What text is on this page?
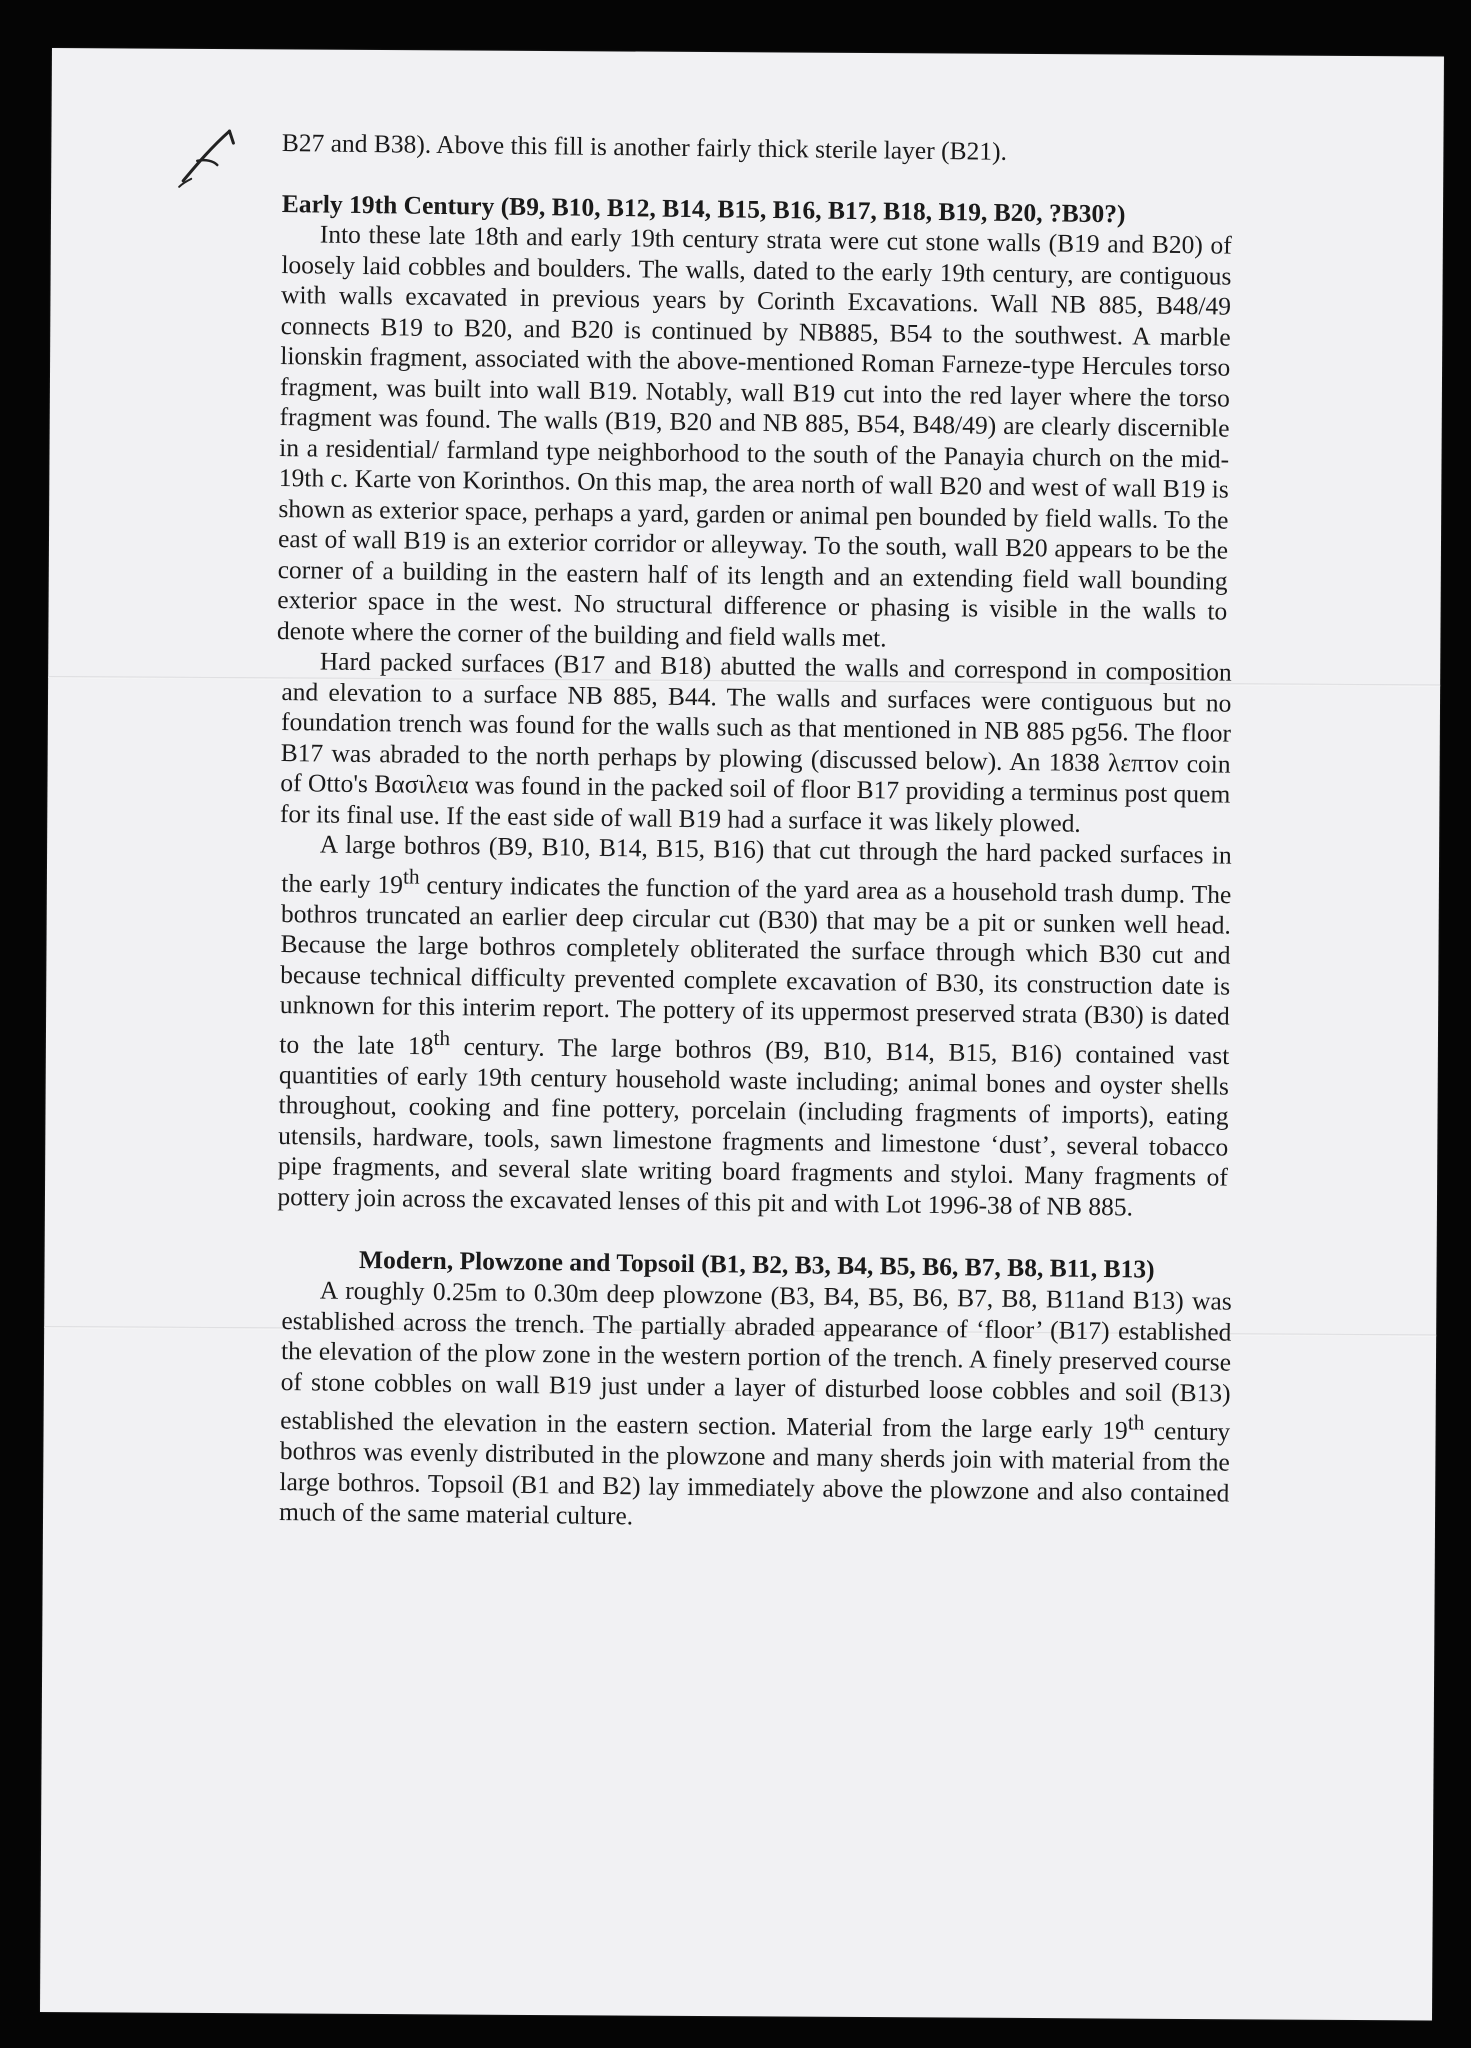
B27 and B38). Above this fill is another fairly thick sterile layer (B21).

Early 19th Century (B9, B10, B12, B14, B15, B16, B17, B18, B19, B20, ?B30?)

Into these late 18th and early 19th century strata were cut stone walls (B19 and B20) of loosely laid cobbles and boulders. The walls, dated to the early 19th century, are contiguous with walls excavated in previous years by Corinth Excavations. Wall NB 885, B48/49 connects B19 to B20, and B20 is continued by NB885, B54 to the southwest. A marble lionskin fragment, associated with the above-mentioned Roman Farneze-type Hercules torso fragment, was built into wall B19. Notably, wall B19 cut into the red layer where the torso fragment was found. The walls (B19, B20 and NB 885, B54, B48/49) are clearly discernible in a residential/ farmland type neighborhood to the south of the Panayia church on the mid-19th c. Karte von Korinthos. On this map, the area north of wall B20 and west of wall B19 is shown as exterior space, perhaps a yard, garden or animal pen bounded by field walls. To the east of wall B19 is an exterior corridor or alleyway. To the south, wall B20 appears to be the corner of a building in the eastern half of its length and an extending field wall bounding exterior space in the west. No structural difference or phasing is visible in the walls to denote where the corner of the building and field walls met.

Hard packed surfaces (B17 and B18) abutted the walls and correspond in composition and elevation to a surface NB 885, B44. The walls and surfaces were contiguous but no foundation trench was found for the walls such as that mentioned in NB 885 pg56. The floor B17 was abraded to the north perhaps by plowing (discussed below). An 1838 λεπτον coin of Otto's Βασιλεια was found in the packed soil of floor B17 providing a terminus post quem for its final use. If the east side of wall B19 had a surface it was likely plowed.

A large bothros (B9, B10, B14, B15, B16) that cut through the hard packed surfaces in the early 19th century indicates the function of the yard area as a household trash dump. The bothros truncated an earlier deep circular cut (B30) that may be a pit or sunken well head. Because the large bothros completely obliterated the surface through which B30 cut and because technical difficulty prevented complete excavation of B30, its construction date is unknown for this interim report. The pottery of its uppermost preserved strata (B30) is dated to the late 18th century. The large bothros (B9, B10, B14, B15, B16) contained vast quantities of early 19th century household waste including; animal bones and oyster shells throughout, cooking and fine pottery, porcelain (including fragments of imports), eating utensils, hardware, tools, sawn limestone fragments and limestone ‘dust’, several tobacco pipe fragments, and several slate writing board fragments and styloi. Many fragments of pottery join across the excavated lenses of this pit and with Lot 1996-38 of NB 885.

Modern, Plowzone and Topsoil (B1, B2, B3, B4, B5, B6, B7, B8, B11, B13)

A roughly 0.25m to 0.30m deep plowzone (B3, B4, B5, B6, B7, B8, B11and B13) was established across the trench. The partially abraded appearance of ‘floor’ (B17) established the elevation of the plow zone in the western portion of the trench. A finely preserved course of stone cobbles on wall B19 just under a layer of disturbed loose cobbles and soil (B13) established the elevation in the eastern section. Material from the large early 19th century bothros was evenly distributed in the plowzone and many sherds join with material from the large bothros. Topsoil (B1 and B2) lay immediately above the plowzone and also contained much of the same material culture.
